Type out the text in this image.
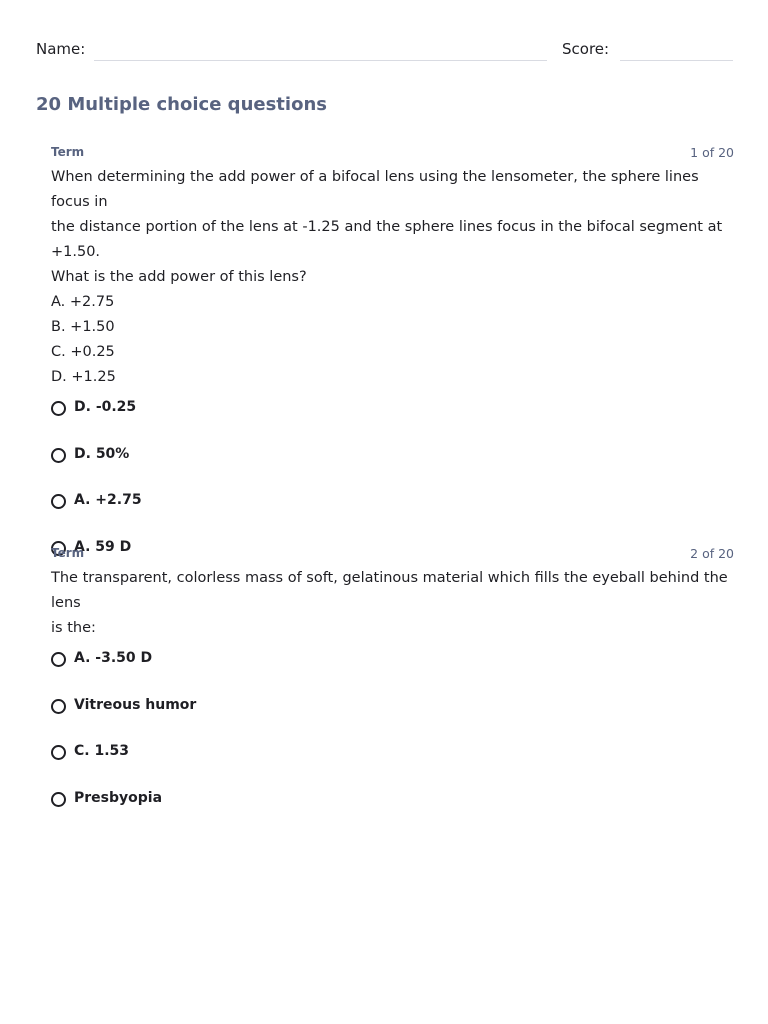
Name:	Score:
20 Multiple choice questions
Term	1 of 20
When determining the add power of a bifocal lens using the lensometer, the sphere lines focus in
the distance portion of the lens at -1.25 and the sphere lines focus in the bifocal segment at +1.50.
What is the add power of this lens?
A. +2.75
B. +1.50
C. +0.25
D. +1.25
D. -0.25
D. 50%
A. +2.75
A. 59 D
Term	2 of 20
The transparent, colorless mass of soft, gelatinous material which fills the eyeball behind the lens
is the:
A. -3.50 D
Vitreous humor
C. 1.53
Presbyopia
